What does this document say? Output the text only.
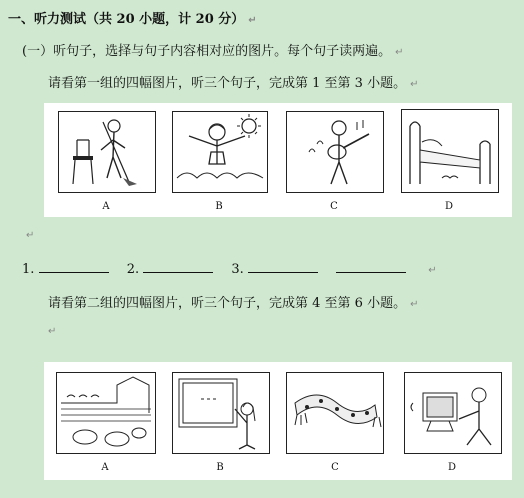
一、听力测试（共 20 小题，计 20 分） ↵
(一）听句子，选择与句子内容相对应的图片。每个句子读两遍。 ↵
请看第一组的四幅图片，听三个句子，完成第 1 至第 3 小题。 ↵
A	B	C	D
↵
1.	2.	3.	↵
请看第二组的四幅图片，听三个句子，完成第 4 至第 6 小题。 ↵
↵
A	B	C	D
